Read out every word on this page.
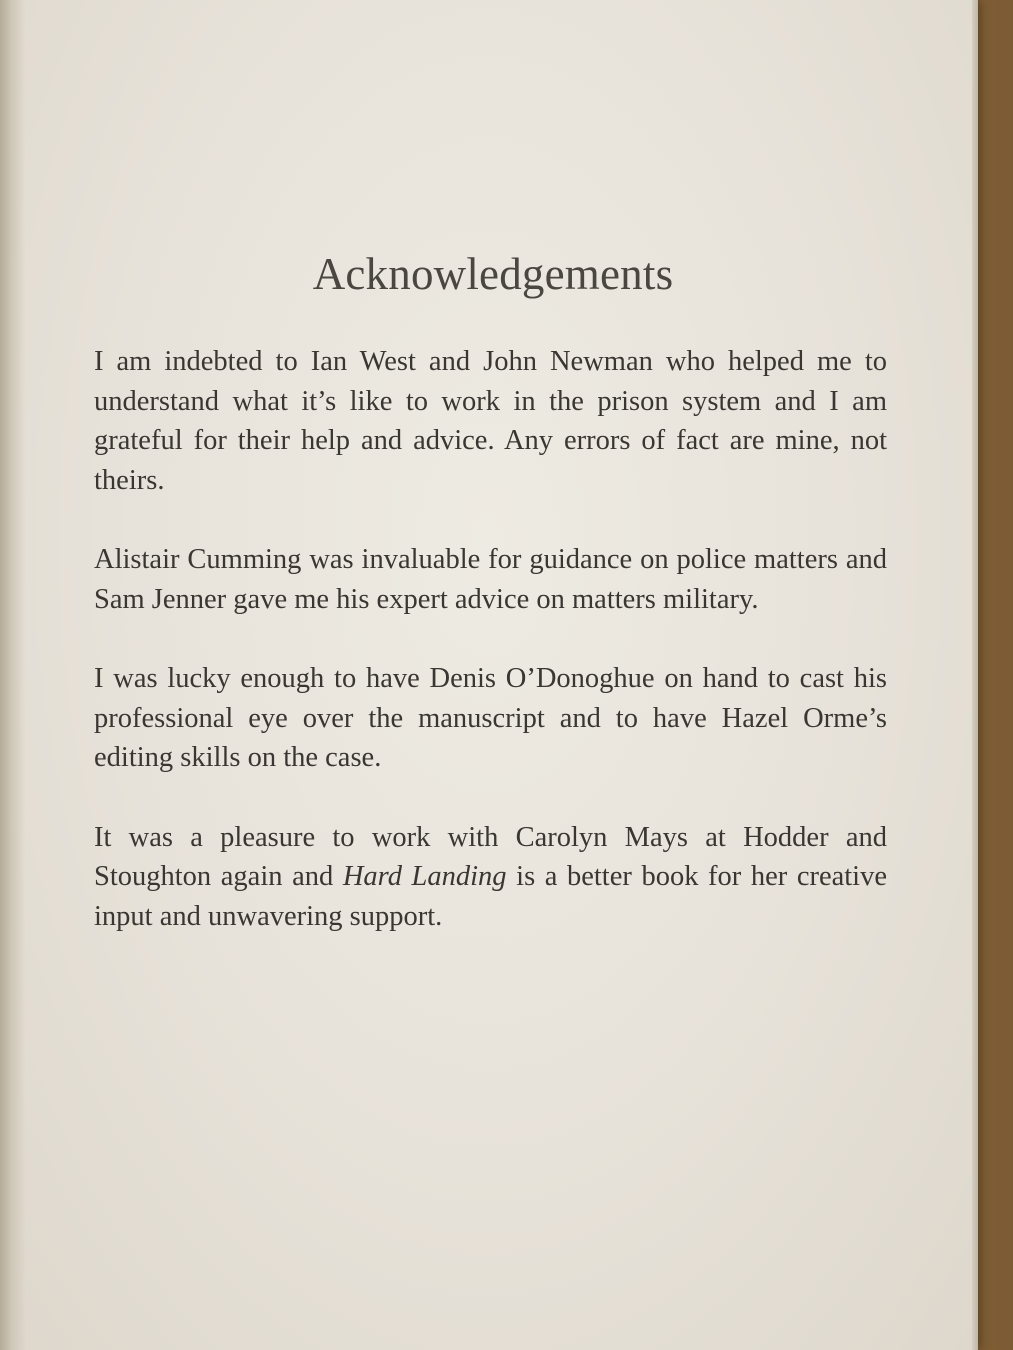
Acknowledgements

I am indebted to Ian West and John Newman who helped me to understand what it’s like to work in the prison system and I am grateful for their help and advice. Any errors of fact are mine, not theirs.

Alistair Cumming was invaluable for guidance on police matters and Sam Jenner gave me his expert advice on matters military.

I was lucky enough to have Denis O’Donoghue on hand to cast his professional eye over the manuscript and to have Hazel Orme’s editing skills on the case.

It was a pleasure to work with Carolyn Mays at Hodder and Stoughton again and Hard Landing is a better book for her creative input and unwavering support.
